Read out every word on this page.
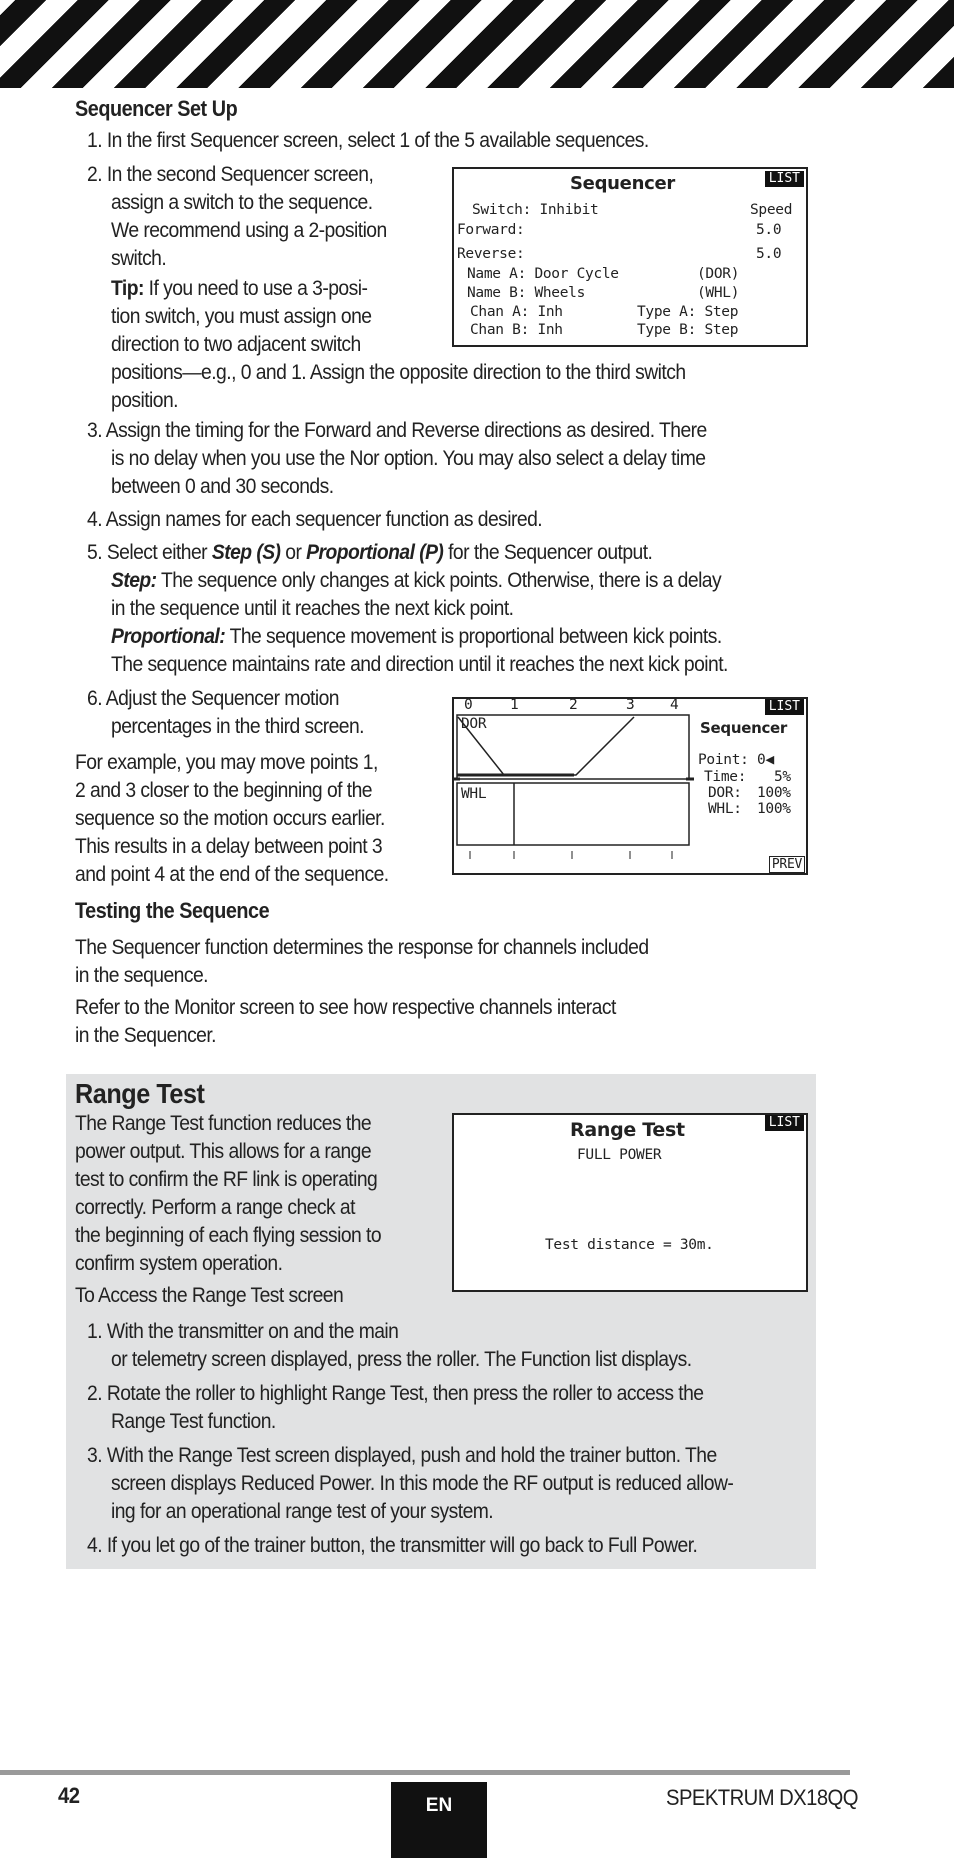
Sequencer Set Up
1. In the first Sequencer screen, select 1 of the 5 available sequences.
2. In the second Sequencer screen,
assign a switch to the sequence.
We recommend using a 2-position
switch.
Tip: If you need to use a 3-posi-
tion switch, you must assign one
direction to two adjacent switch
positions—e.g., 0 and 1. Assign the opposite direction to the third switch
position.
Sequencer	LIST
Switch: Inhibit	Speed
Forward:	5.0
Reverse:	5.0
Name A: Door Cycle	(DOR)
Name B: Wheels	(WHL)
Chan A: Inh	Type A: Step
Chan B: Inh	Type B: Step
3. Assign the timing for the Forward and Reverse directions as desired. There
is no delay when you use the Nor option. You may also select a delay time
between 0 and 30 seconds.
4. Assign names for each sequencer function as desired.
5. Select either Step (S) or Proportional (P) for the Sequencer output.
Step: The sequence only changes at kick points. Otherwise, there is a delay
in the sequence until it reaches the next kick point.
Proportional: The sequence movement is proportional between kick points.
The sequence maintains rate and direction until it reaches the next kick point.
6. Adjust the Sequencer motion
percentages in the third screen.
For example, you may move points 1,
2 and 3 closer to the beginning of the
sequence so the motion occurs earlier.
This results in a delay between point 3
and point 4 at the end of the sequence.
0	1	2	3 4	LIST
DOR
WHL
Sequencer
Point: 0◀
Time: 5%
DOR: 100%
WHL: 100%
PREV
Testing the Sequence
The Sequencer function determines the response for channels included
in the sequence.
Refer to the Monitor screen to see how respective channels interact
in the Sequencer.
Range Test
The Range Test function reduces the
power output. This allows for a range
test to confirm the RF link is operating
correctly. Perform a range check at
the beginning of each flying session to
confirm system operation.
To Access the Range Test screen
Range Test	LIST
FULL POWER
Test distance = 30m.
1. With the transmitter on and the main
or telemetry screen displayed, press the roller. The Function list displays.
2. Rotate the roller to highlight Range Test, then press the roller to access the
Range Test function.
3. With the Range Test screen displayed, push and hold the trainer button. The
screen displays Reduced Power. In this mode the RF output is reduced allow-
ing for an operational range test of your system.
4. If you let go of the trainer button, the transmitter will go back to Full Power.
42	EN	SPEKTRUM DX18QQ
